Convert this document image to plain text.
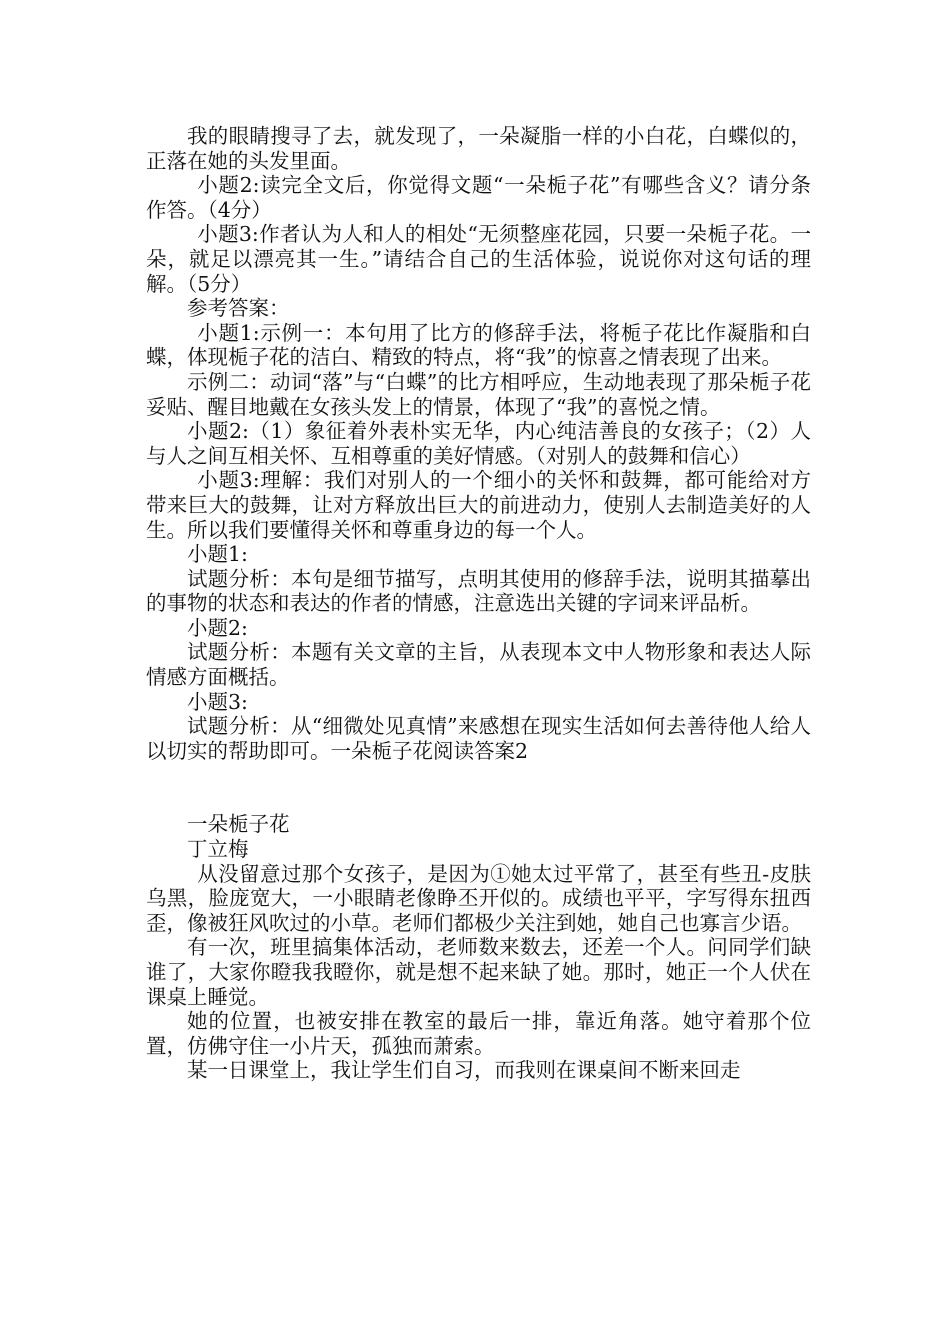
我的眼睛搜寻了去，就发现了，一朵凝脂一样的小白花，白蝶似的，正落在她的头发里面。

小题2:读完全文后，你觉得文题“一朵栀子花”有哪些含义？请分条作答。（4分）

小题3:作者认为人和人的相处“无须整座花园，只要一朵栀子花。一朵，就足以漂亮其一生。”请结合自己的生活体验，说说你对这句话的理解。（5分）

参考答案：

小题1:示例一：本句用了比方的修辞手法，将栀子花比作凝脂和白蝶，体现栀子花的洁白、精致的特点，将“我”的惊喜之情表现了出来。

示例二：动词“落”与“白蝶”的比方相呼应，生动地表现了那朵栀子花妥贴、醒目地戴在女孩头发上的情景，体现了“我”的喜悦之情。

小题2:（1）象征着外表朴实无华，内心纯洁善良的女孩子；（2）人与人之间互相关怀、互相尊重的美好情感。（对别人的鼓舞和信心）

小题3:理解：我们对别人的一个细小的关怀和鼓舞，都可能给对方带来巨大的鼓舞，让对方释放出巨大的前进动力，使别人去制造美好的人生。所以我们要懂得关怀和尊重身边的每一个人。

小题1:

试题分析：本句是细节描写，点明其使用的修辞手法，说明其描摹出的事物的状态和表达的作者的情感，注意选出关键的字词来评品析。

小题2:

试题分析：本题有关文章的主旨，从表现本文中人物形象和表达人际情感方面概括。

小题3:

试题分析：从“细微处见真情”来感想在现实生活如何去善待他人给人以切实的帮助即可。一朵栀子花阅读答案2

一朵栀子花

丁立梅

从没留意过那个女孩子，是因为①她太过平常了，甚至有些丑-皮肤乌黑，脸庞宽大，一小眼睛老像睁丕开似的。成绩也平平，字写得东扭西歪，像被狂风吹过的小草。老师们都极少关注到她，她自己也寡言少语。

有一次，班里搞集体活动，老师数来数去，还差一个人。问同学们缺谁了，大家你瞪我我瞪你，就是想不起来缺了她。那时，她正一个人伏在课桌上睡觉。

她的位置，也被安排在教室的最后一排，靠近角落。她守着那个位置，仿佛守住一小片天，孤独而萧索。

某一日课堂上，我让学生们自习，而我则在课桌间不断来回走
